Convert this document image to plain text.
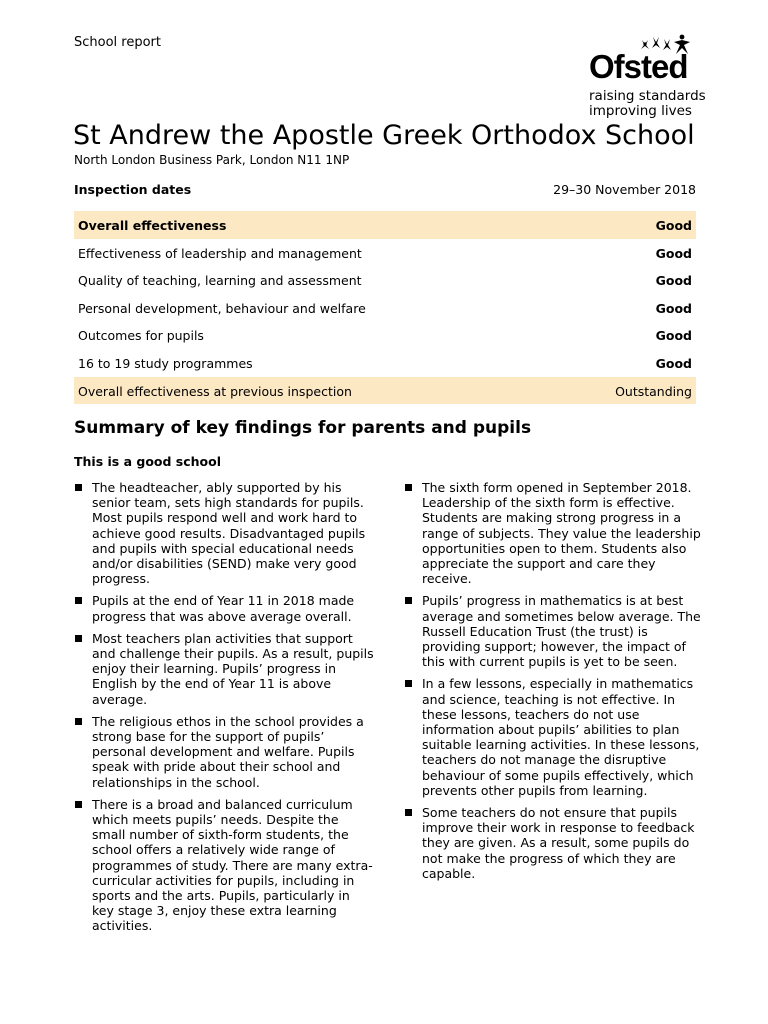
School report
Ofsted
raising standards
improving lives
St Andrew the Apostle Greek Orthodox School
North London Business Park, London N11 1NP
Inspection dates	29–30 November 2018
Overall effectiveness	Good
Effectiveness of leadership and management	Good
Quality of teaching, learning and assessment	Good
Personal development, behaviour and welfare	Good
Outcomes for pupils	Good
16 to 19 study programmes	Good
Overall effectiveness at previous inspection	Outstanding
Summary of key findings for parents and pupils
This is a good school
The headteacher, ably supported by his senior team, sets high standards for pupils. Most pupils respond well and work hard to achieve good results. Disadvantaged pupils and pupils with special educational needs and/or disabilities (SEND) make very good progress.
Pupils at the end of Year 11 in 2018 made progress that was above average overall.
Most teachers plan activities that support and challenge their pupils. As a result, pupils enjoy their learning. Pupils’ progress in English by the end of Year 11 is above average.
The religious ethos in the school provides a strong base for the support of pupils’ personal development and welfare. Pupils speak with pride about their school and relationships in the school.
There is a broad and balanced curriculum which meets pupils’ needs. Despite the small number of sixth-form students, the school offers a relatively wide range of programmes of study. There are many extra-curricular activities for pupils, including in sports and the arts. Pupils, particularly in key stage 3, enjoy these extra learning activities.
The sixth form opened in September 2018. Leadership of the sixth form is effective. Students are making strong progress in a range of subjects. They value the leadership opportunities open to them. Students also appreciate the support and care they receive.
Pupils’ progress in mathematics is at best average and sometimes below average. The Russell Education Trust (the trust) is providing support; however, the impact of this with current pupils is yet to be seen.
In a few lessons, especially in mathematics and science, teaching is not effective. In these lessons, teachers do not use information about pupils’ abilities to plan suitable learning activities. In these lessons, teachers do not manage the disruptive behaviour of some pupils effectively, which prevents other pupils from learning.
Some teachers do not ensure that pupils improve their work in response to feedback they are given. As a result, some pupils do not make the progress of which they are capable.
